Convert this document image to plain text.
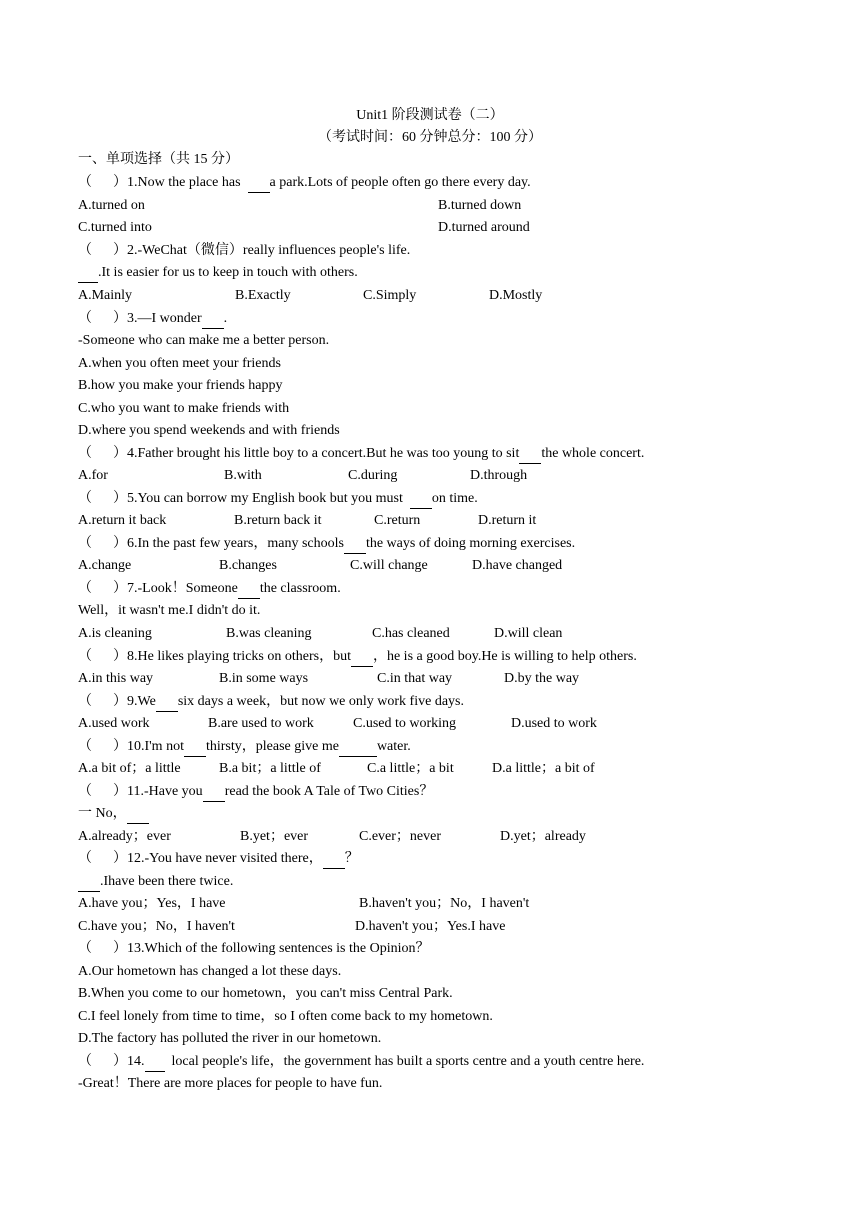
Unit1 阶段测试卷（二）
（考试时间：60 分钟总分：100 分）
一、单项选择（共 15 分）
（      ）1.Now the place has  a park.Lots of people often go there every day.
A.turned on	B.turned down
C.turned into	D.turned around
（      ）2.-WeChat（微信）really influences people's life.
.It is easier for us to keep in touch with others.
A.Mainly	B.Exactly	C.Simply	D.Mostly
（      ）3.—I wonder .
-Someone who can make me a better person.
A.when you often meet your friends
B.how you make your friends happy
C.who you want to make friends with
D.where you spend weekends and with friends
（      ）4.Father brought his little boy to a concert.But he was too young to sit the whole concert.
A.for	B.with	C.during	D.through
（      ）5.You can borrow my English book but you must  on time.
A.return it back	B.return back it	C.return	D.return it
（      ）6.In the past few years，many schools the ways of doing morning exercises.
A.change	B.changes	C.will change	D.have changed
（      ）7.-Look！Someone the classroom.
Well，it wasn't me.I didn't do it.
A.is cleaning	B.was cleaning	C.has cleaned	D.will clean
（      ）8.He likes playing tricks on others，but ，he is a good boy.He is willing to help others.
A.in this way	B.in some ways	C.in that way	D.by the way
（      ）9.We six days a week，but now we only work five days.
A.used work	B.are used to work	C.used to working	D.used to work
（      ）10.I'm not thirsty，please give me	water.
A.a bit of；a little	B.a bit；a little of	C.a little；a bit	D.a little；a bit of
（      ）11.-Have you read the book A Tale of Two Cities？
一 No，
A.already；ever	B.yet；ever	C.ever；never	D.yet；already
（      ）12.-You have never visited there， ？
.Ihave been there twice.
A.have you；Yes，I have	B.haven't you；No，I haven't
C.have you；No，I haven't	D.haven't you；Yes.I have
（      ）13.Which of the following sentences is the Opinion？
A.Our hometown has changed a lot these days.
B.When you come to our hometown，you can't miss Central Park.
C.I feel lonely from time to time，so I often come back to my hometown.
D.The factory has polluted the river in our hometown.
（      ）14.  local people's life，the government has built a sports centre and a youth centre here.
-Great！There are more places for people to have fun.
